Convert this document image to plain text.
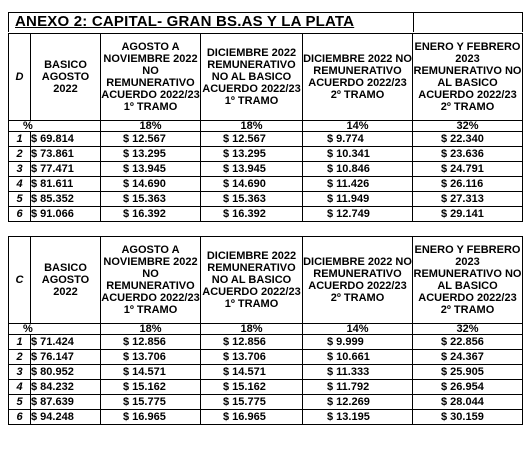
ANEXO 2: CAPITAL- GRAN BS.AS Y LA PLATA
D	BASICO AGOSTO 2022	AGOSTO A NOVIEMBRE 2022 NO REMUNERATIVO ACUERDO 2022/23 1º TRAMO	DICIEMBRE 2022 REMUNERATIVO NO AL BASICO ACUERDO 2022/23 1º TRAMO	DICIEMBRE 2022 NO REMUNERATIVO ACUERDO 2022/23 2º TRAMO	ENERO Y FEBRERO 2023 REMUNERATIVO NO AL BASICO ACUERDO 2022/23 2º TRAMO
%		18%	18%	14%	32%
1	$ 69.814	$ 12.567	$ 12.567	$ 9.774	$ 22.340
2	$ 73.861	$ 13.295	$ 13.295	$ 10.341	$ 23.636
3	$ 77.471	$ 13.945	$ 13.945	$ 10.846	$ 24.791
4	$ 81.611	$ 14.690	$ 14.690	$ 11.426	$ 26.116
5	$ 85.352	$ 15.363	$ 15.363	$ 11.949	$ 27.313
6	$ 91.066	$ 16.392	$ 16.392	$ 12.749	$ 29.141
C	BASICO AGOSTO 2022	AGOSTO A NOVIEMBRE 2022 NO REMUNERATIVO ACUERDO 2022/23 1º TRAMO	DICIEMBRE 2022 REMUNERATIVO NO AL BASICO ACUERDO 2022/23 1º TRAMO	DICIEMBRE 2022 NO REMUNERATIVO ACUERDO 2022/23 2º TRAMO	ENERO Y FEBRERO 2023 REMUNERATIVO NO AL BASICO ACUERDO 2022/23 2º TRAMO
%		18%	18%	14%	32%
1	$ 71.424	$ 12.856	$ 12.856	$ 9.999	$ 22.856
2	$ 76.147	$ 13.706	$ 13.706	$ 10.661	$ 24.367
3	$ 80.952	$ 14.571	$ 14.571	$ 11.333	$ 25.905
4	$ 84.232	$ 15.162	$ 15.162	$ 11.792	$ 26.954
5	$ 87.639	$ 15.775	$ 15.775	$ 12.269	$ 28.044
6	$ 94.248	$ 16.965	$ 16.965	$ 13.195	$ 30.159
